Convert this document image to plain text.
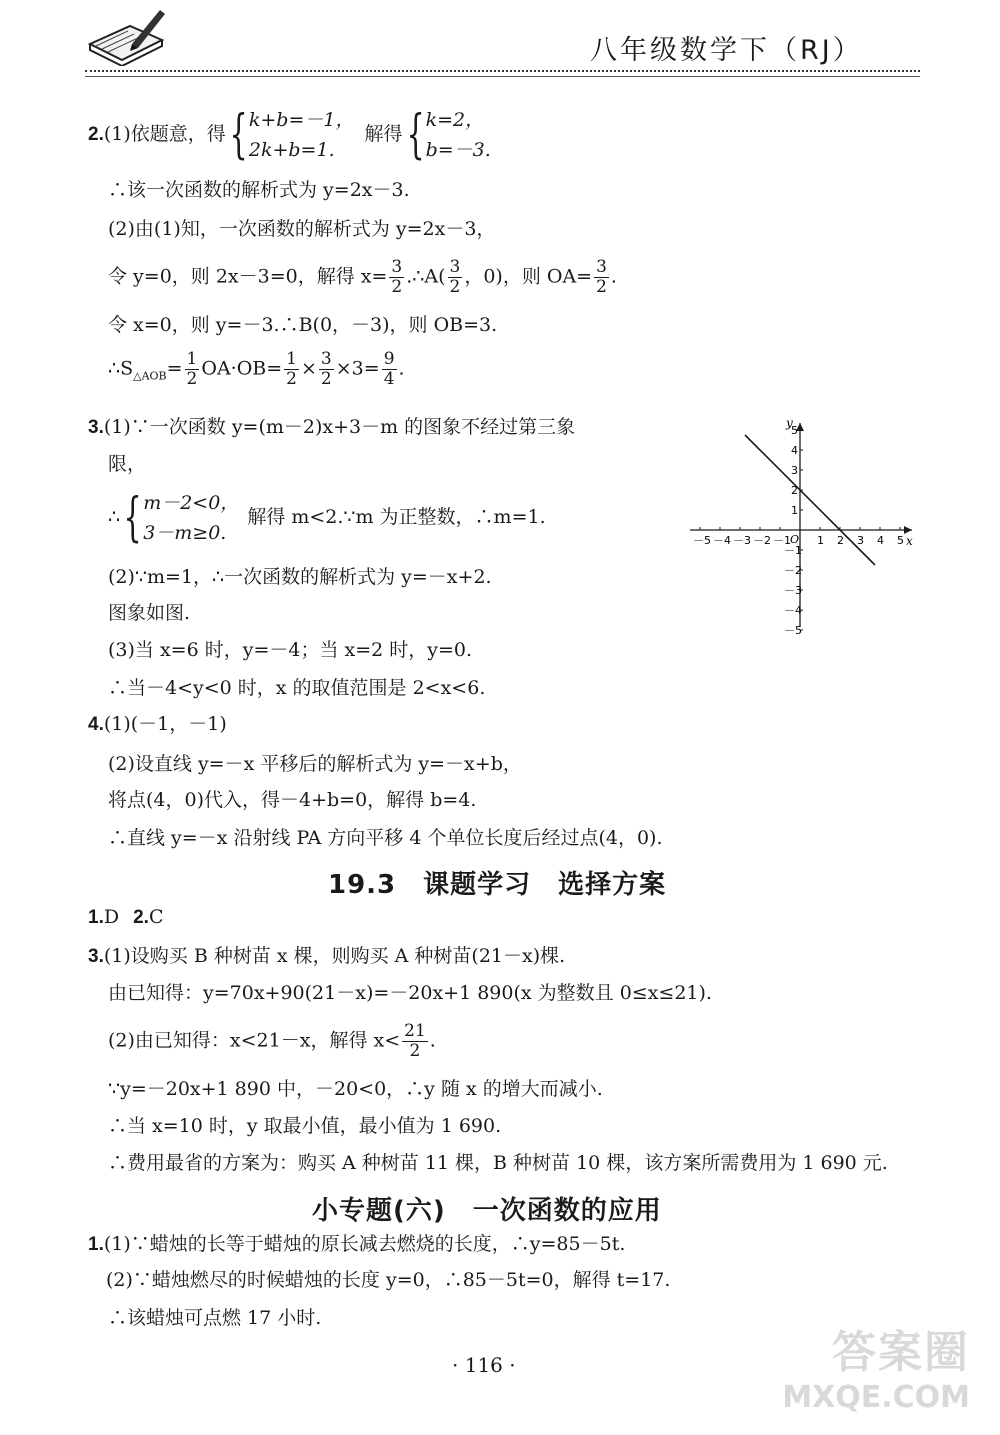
八年级数学下（RJ）
2.(1)依题意，得{ k+b=－1，
2k+b=1.
解得{ k=2，
b=－3.
∴该一次函数的解析式为 y=2x－3.
(2)由(1)知，一次函数的解析式为 y=2x－3，
令 y=0，则 2x－3=0，解得 $x= \frac{3}{2}$ .∴A( $\frac{3}{2}$ ，0)，则 $OA= \frac{3}{2}$ .
令 x=0，则 y=－3.∴B(0，－3)，则 OB=3.
$\therefore S_{\triangle AOB}= \frac{1}{2} OA\cdot OB= \frac{1}{2} \times \frac{3}{2} \times 3= \frac{9}{4}$ .
3.(1)∵一次函数 y=(m－2)x+3－m 的图象不经过第三象
限，
∴{ m－2<0，
3－m≥0.
解得 m<2.∵m 为正整数，∴m=1.
(2)∵m=1，∴一次函数的解析式为 y=－x+2.
图象如图.
(3)当 x=6 时，y=－4；当 x=2 时，y=0.
∴当－4<y<0 时，x 的取值范围是 2<x<6.
－5 －4 －3 －2 －1 1 2 3 4 5
5
4
3
2
1
－1
－2
－3
－4
－5
x
y
O
4.(1)(－1，－1)
(2)设直线 y=－x 平移后的解析式为 y=－x+b，
将点(4，0)代入，得－4+b=0，解得 b=4.
∴直线 y=－x 沿射线 PA 方向平移 4 个单位长度后经过点(4，0).
19.3　课题学习　选择方案
1.D 2.C
3.(1)设购买 B 种树苗 x 棵，则购买 A 种树苗(21－x)棵.
由已知得：y=70x+90(21－x)=－20x+1 890(x 为整数且 0≤x≤21).
(2)由已知得：x<21－x，解得 $x< \frac{21}{2}$ .
∵y=－20x+1 890 中，－20<0，∴y 随 x 的增大而减小.
∴当 x=10 时，y 取最小值，最小值为 1 690.
∴费用最省的方案为：购买 A 种树苗 11 棵，B 种树苗 10 棵，该方案所需费用为 1 690 元.
小专题(六)　一次函数的应用
1.(1)∵蜡烛的长等于蜡烛的原长减去燃烧的长度，∴y=85－5t.
(2)∵蜡烛燃尽的时候蜡烛的长度 y=0，∴85－5t=0，解得 t=17.
∴该蜡烛可点燃 17 小时.
· 116 ·	答案圈
MXQE.COM
